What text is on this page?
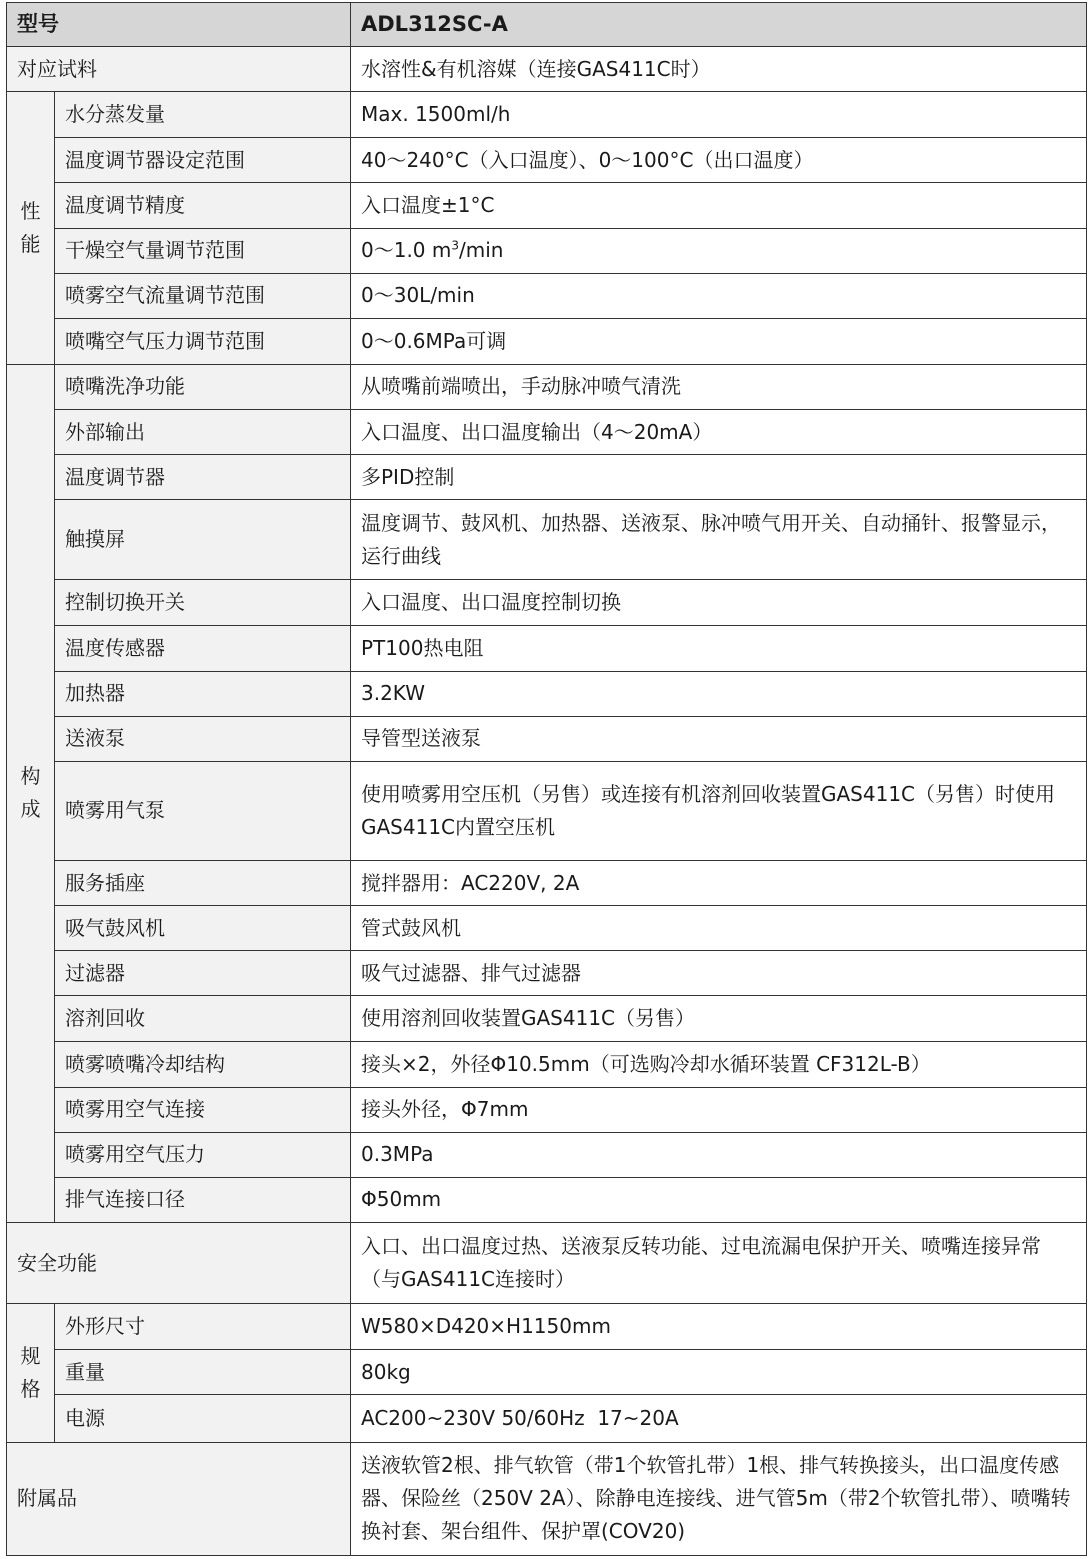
型号		ADL312SC-A
对应试料		水溶性&有机溶媒（连接GAS411C时）

性
能	水分蒸发量	Max. 1500ml/h
	温度调节器设定范围	40～240°C（入口温度）、0～100°C（出口温度）
	温度调节精度	入口温度±1°C
	干燥空气量调节范围	0～1.0 $m^3/\min$
	喷雾空气流量调节范围	0～30L/min
	喷嘴空气压力调节范围	0～0.6MPa可调

构
成	喷嘴洗净功能	从喷嘴前端喷出，手动脉冲喷气清洗
	外部输出	入口温度、出口温度输出（4～20mA）
	温度调节器	多PID控制
	触摸屏	温度调节、鼓风机、加热器、送液泵、脉冲喷气用开关、自动捅针、报警显示，运行曲线
	控制切换开关	入口温度、出口温度控制切换
	温度传感器	PT100热电阻
	加热器	3.2KW
	送液泵	导管型送液泵
	喷雾用气泵	使用喷雾用空压机（另售）或连接有机溶剂回收装置GAS411C（另售）时使用GAS411C内置空压机
	服务插座	搅拌器用：AC220V, 2A
	吸气鼓风机	管式鼓风机
	过滤器	吸气过滤器、排气过滤器
	溶剂回收	使用溶剂回收装置GAS411C（另售）
	喷雾喷嘴冷却结构	接头×2，外径Φ10.5mm（可选购冷却水循环装置 CF312L-B）
	喷雾用空气连接	接头外径，Φ7mm
	喷雾用空气压力	0.3MPa
	排气连接口径	Φ50mm
安全功能		入口、出口温度过热、送液泵反转功能、过电流漏电保护开关、喷嘴连接异常（与GAS411C连接时）

规
格	外形尺寸	W580×D420×H1150mm
	重量	80kg
	电源	AC200~230V 50/60Hz  17~20A
附属品		送液软管2根、排气软管（带1个软管扎带）1根、排气转换接头，出口温度传感器、保险丝（250V 2A）、除静电连接线、进气管5m（带2个软管扎带）、喷嘴转换衬套、架台组件、保护罩(COV20)
